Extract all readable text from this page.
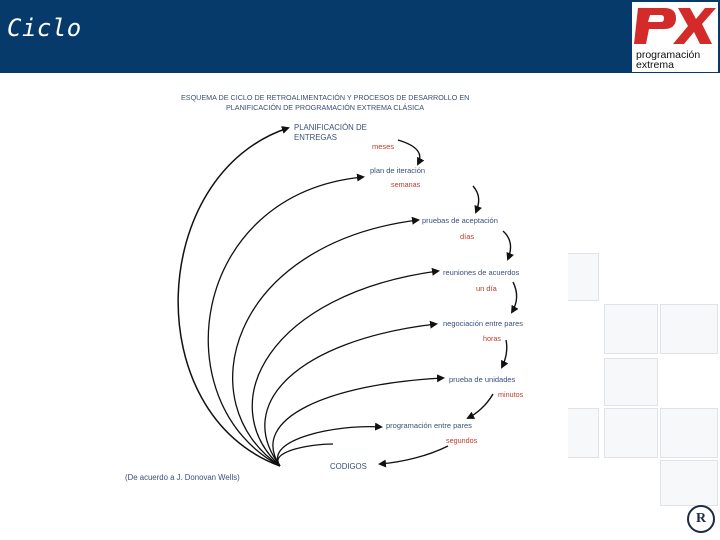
Ciclo
programación
extrema
ESQUEMA DE CICLO DE RETROALIMENTACIÓN Y PROCESOS DE DESARROLLO EN
PLANIFICACIÓN DE PROGRAMACIÓN EXTREMA CLÁSICA
PLANIFICACIÓN DE
ENTREGAS
meses
plan de iteración
semanas
pruebas de aceptación
días
reuniones de acuerdos
un día
negociación entre pares
horas
prueba de unidades
minutos
programación entre pares
segundos
CODIGOS
(De acuerdo a J. Donovan Wells)
R
